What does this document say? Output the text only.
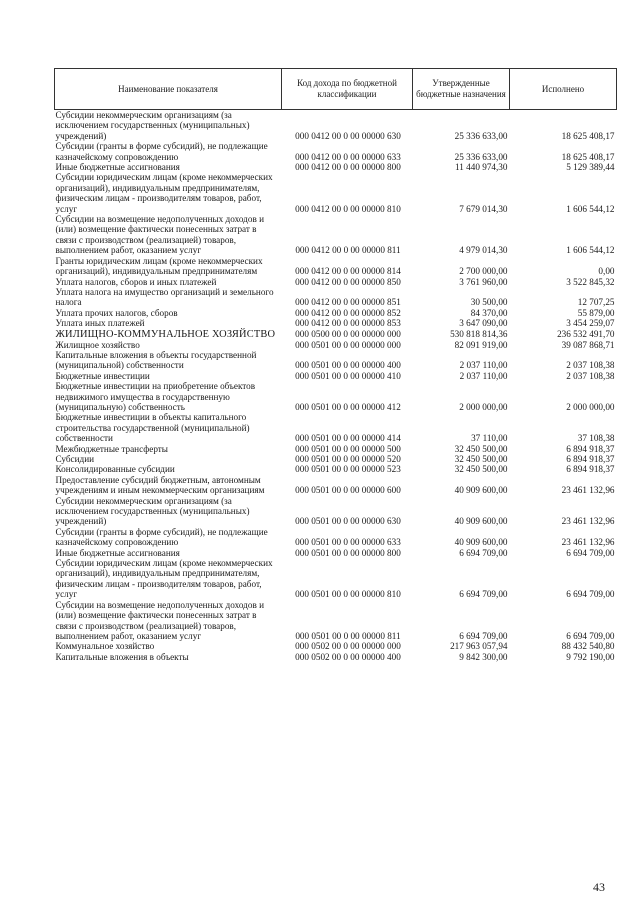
Наименование показателя	Код дохода по бюджетной классификации	Утвержденные бюджетные назначения	Исполнено
Субсидии некоммерческим организациям (за исключением государственных (муниципальных) учреждений)	000 0412 00 0 00 00000 630	25 336 633,00	18 625 408,17
Субсидии (гранты в форме субсидий), не подлежащие казначейскому сопровождению	000 0412 00 0 00 00000 633	25 336 633,00	18 625 408,17
Иные бюджетные ассигнования	000 0412 00 0 00 00000 800	11 440 974,30	5 129 389,44
Субсидии юридическим лицам (кроме некоммерческих организаций), индивидуальным предпринимателям, физическим лицам - производителям товаров, работ, услуг	000 0412 00 0 00 00000 810	7 679 014,30	1 606 544,12
Субсидии на возмещение недополученных доходов и (или) возмещение фактически понесенных затрат в связи с производством (реализацией) товаров, выполнением работ, оказанием услуг	000 0412 00 0 00 00000 811	4 979 014,30	1 606 544,12
Гранты юридическим лицам (кроме некоммерческих организаций), индивидуальным предпринимателям	000 0412 00 0 00 00000 814	2 700 000,00	0,00
Уплата налогов, сборов и иных платежей	000 0412 00 0 00 00000 850	3 761 960,00	3 522 845,32
Уплата налога на имущество организаций и земельного налога	000 0412 00 0 00 00000 851	30 500,00	12 707,25
Уплата прочих налогов, сборов	000 0412 00 0 00 00000 852	84 370,00	55 879,00
Уплата иных платежей	000 0412 00 0 00 00000 853	3 647 090,00	3 454 259,07
ЖИЛИЩНО-КОММУНАЛЬНОЕ ХОЗЯЙСТВО	000 0500 00 0 00 00000 000	530 818 814,36	236 532 491,70
Жилищное хозяйство	000 0501 00 0 00 00000 000	82 091 919,00	39 087 868,71
Капитальные вложения в объекты государственной (муниципальной) собственности	000 0501 00 0 00 00000 400	2 037 110,00	2 037 108,38
Бюджетные инвестиции	000 0501 00 0 00 00000 410	2 037 110,00	2 037 108,38
Бюджетные инвестиции на приобретение объектов недвижимого имущества в государственную (муниципальную) собственность	000 0501 00 0 00 00000 412	2 000 000,00	2 000 000,00
Бюджетные инвестиции в объекты капитального строительства государственной (муниципальной) собственности	000 0501 00 0 00 00000 414	37 110,00	37 108,38
Межбюджетные трансферты	000 0501 00 0 00 00000 500	32 450 500,00	6 894 918,37
Субсидии	000 0501 00 0 00 00000 520	32 450 500,00	6 894 918,37
Консолидированные субсидии	000 0501 00 0 00 00000 523	32 450 500,00	6 894 918,37
Предоставление субсидий бюджетным, автономным учреждениям и иным некоммерческим организациям	000 0501 00 0 00 00000 600	40 909 600,00	23 461 132,96
Субсидии некоммерческим организациям (за исключением государственных (муниципальных) учреждений)	000 0501 00 0 00 00000 630	40 909 600,00	23 461 132,96
Субсидии (гранты в форме субсидий), не подлежащие казначейскому сопровождению	000 0501 00 0 00 00000 633	40 909 600,00	23 461 132,96
Иные бюджетные ассигнования	000 0501 00 0 00 00000 800	6 694 709,00	6 694 709,00
Субсидии юридическим лицам (кроме некоммерческих организаций), индивидуальным предпринимателям, физическим лицам - производителям товаров, работ, услуг	000 0501 00 0 00 00000 810	6 694 709,00	6 694 709,00
Субсидии на возмещение недополученных доходов и (или) возмещение фактически понесенных затрат в связи с производством (реализацией) товаров, выполнением работ, оказанием услуг	000 0501 00 0 00 00000 811	6 694 709,00	6 694 709,00
Коммунальное хозяйство	000 0502 00 0 00 00000 000	217 963 057,94	88 432 540,80
Капитальные вложения в объекты	000 0502 00 0 00 00000 400	9 842 300,00	9 792 190,00
43
